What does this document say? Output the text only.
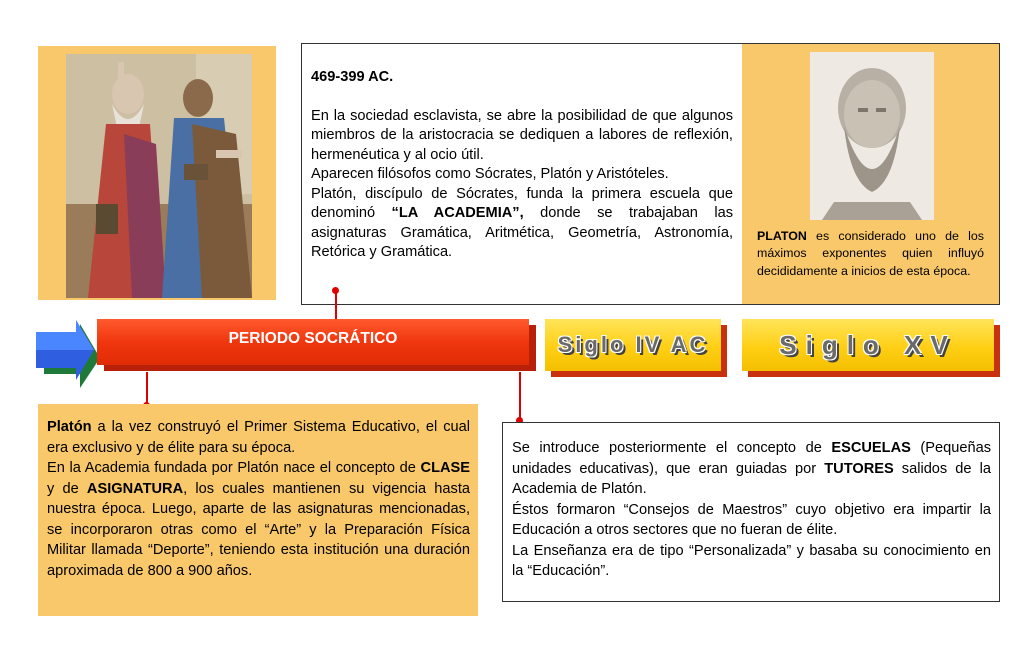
469-399 AC.

En la sociedad esclavista, se abre la posibilidad de que algunos miembros de la aristocracia se dediquen a labores de reflexión, hermenéutica y al ocio útil.

Aparecen filósofos como Sócrates, Platón y Aristóteles.

Platón, discípulo de Sócrates, funda la primera escuela que denominó “LA ACADEMIA”, donde se trabajaban las asignaturas Gramática, Aritmética, Geometría, Astronomía, Retórica y Gramática.

PLATON es considerado uno de los máximos exponentes quien influyó decididamente a inicios de esta época.
PERIODO SOCRÁTICO	Siglo IV AC	Siglo XV

Platón a la vez construyó el Primer Sistema Educativo, el cual era exclusivo y de élite para su época.

En la Academia fundada por Platón nace el concepto de CLASE y de ASIGNATURA, los cuales mantienen su vigencia hasta nuestra época. Luego, aparte de las asignaturas mencionadas, se incorporaron otras como el “Arte” y la Preparación Física Militar llamada “Deporte”, teniendo esta institución una duración aproximada de 800 a 900 años.

Se introduce posteriormente el concepto de ESCUELAS (Pequeñas unidades educativas), que eran guiadas por TUTORES salidos de la Academia de Platón.

Éstos formaron “Consejos de Maestros” cuyo objetivo era impartir la Educación a otros sectores que no fueran de élite.

La Enseñanza era de tipo “Personalizada” y basaba su conocimiento en la “Educación”.
